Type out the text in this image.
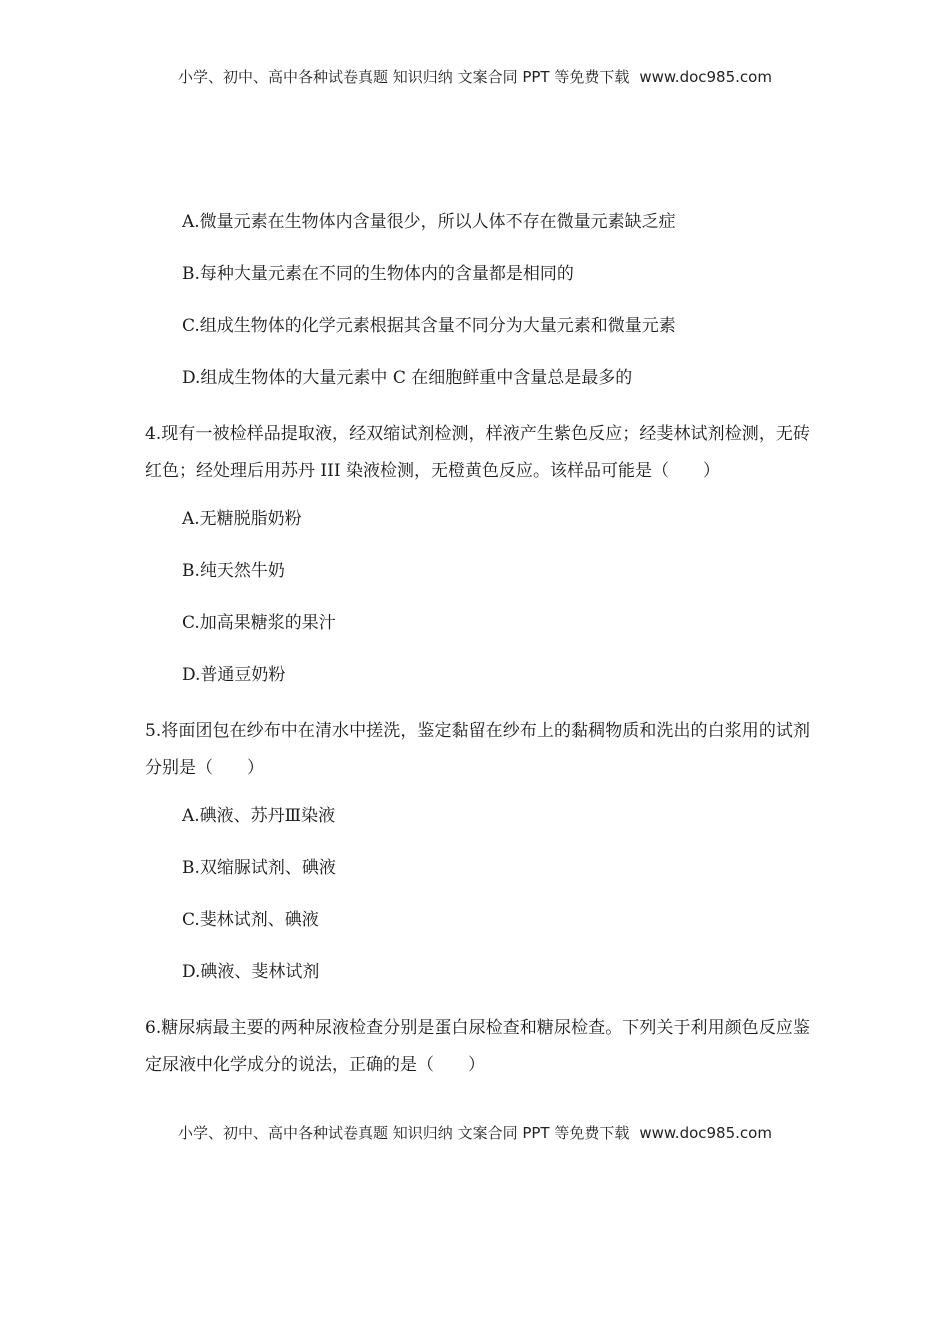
小学、初中、高中各种试卷真题 知识归纳 文案合同 PPT 等免费下载 www.doc985.com
A.微量元素在生物体内含量很少，所以人体不存在微量元素缺乏症
B.每种大量元素在不同的生物体内的含量都是相同的
C.组成生物体的化学元素根据其含量不同分为大量元素和微量元素
D.组成生物体的大量元素中 C 在细胞鲜重中含量总是最多的
4.现有一被检样品提取液，经双缩试剂检测，样液产生紫色反应；经斐林试剂检测，无砖红色；经处理后用苏丹 III 染液检测，无橙黄色反应。该样品可能是（　　）
A.无糖脱脂奶粉
B.纯天然牛奶
C.加高果糖浆的果汁
D.普通豆奶粉
5.将面团包在纱布中在清水中搓洗，鉴定黏留在纱布上的黏稠物质和洗出的白浆用的试剂分别是（　　）
A.碘液、苏丹Ⅲ染液
B.双缩脲试剂、碘液
C.斐林试剂、碘液
D.碘液、斐林试剂
6.糖尿病最主要的两种尿液检查分别是蛋白尿检查和糖尿检查。下列关于利用颜色反应鉴定尿液中化学成分的说法，正确的是（　　）
小学、初中、高中各种试卷真题 知识归纳 文案合同 PPT 等免费下载 www.doc985.com
